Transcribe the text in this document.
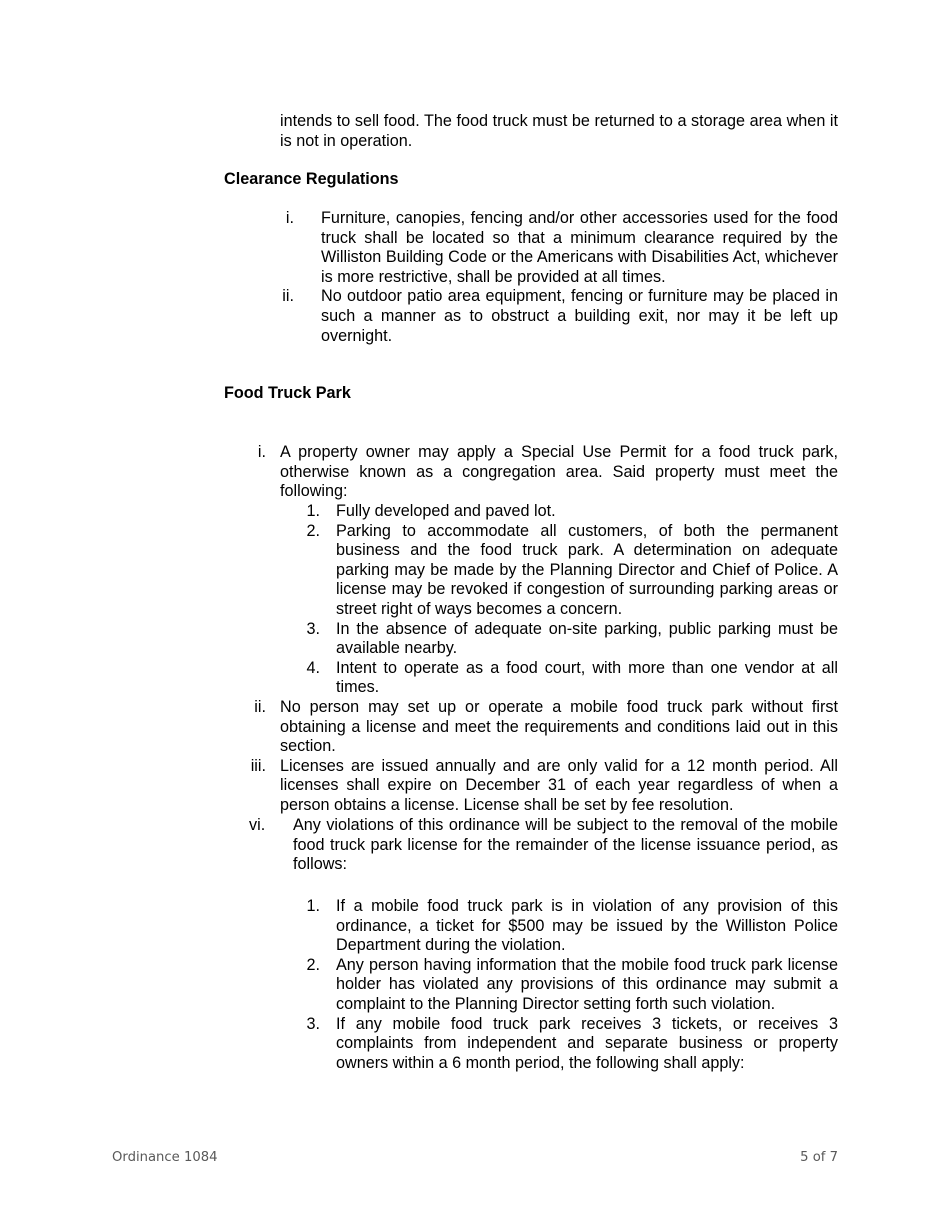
intends to sell food. The food truck must be returned to a storage area when it is not in operation.

Clearance Regulations

i. Furniture, canopies, fencing and/or other accessories used for the food truck shall be located so that a minimum clearance required by the Williston Building Code or the Americans with Disabilities Act, whichever is more restrictive, shall be provided at all times.
ii. No outdoor patio area equipment, fencing or furniture may be placed in such a manner as to obstruct a building exit, nor may it be left up overnight.

Food Truck Park

i. A property owner may apply a Special Use Permit for a food truck park, otherwise known as a congregation area. Said property must meet the following:
1. Fully developed and paved lot.
2. Parking to accommodate all customers, of both the permanent business and the food truck park. A determination on adequate parking may be made by the Planning Director and Chief of Police. A license may be revoked if congestion of surrounding parking areas or street right of ways becomes a concern.
3. In the absence of adequate on-site parking, public parking must be available nearby.
4. Intent to operate as a food court, with more than one vendor at all times.
ii. No person may set up or operate a mobile food truck park without first obtaining a license and meet the requirements and conditions laid out in this section.
iii. Licenses are issued annually and are only valid for a 12 month period. All licenses shall expire on December 31 of each year regardless of when a person obtains a license. License shall be set by fee resolution.
vi. Any violations of this ordinance will be subject to the removal of the mobile food truck park license for the remainder of the license issuance period, as follows:
1. If a mobile food truck park is in violation of any provision of this ordinance, a ticket for $500 may be issued by the Williston Police Department during the violation.
2. Any person having information that the mobile food truck park license holder has violated any provisions of this ordinance may submit a complaint to the Planning Director setting forth such violation.
3. If any mobile food truck park receives 3 tickets, or receives 3 complaints from independent and separate business or property owners within a 6 month period, the following shall apply:
Ordinance 1084	5 of 7
